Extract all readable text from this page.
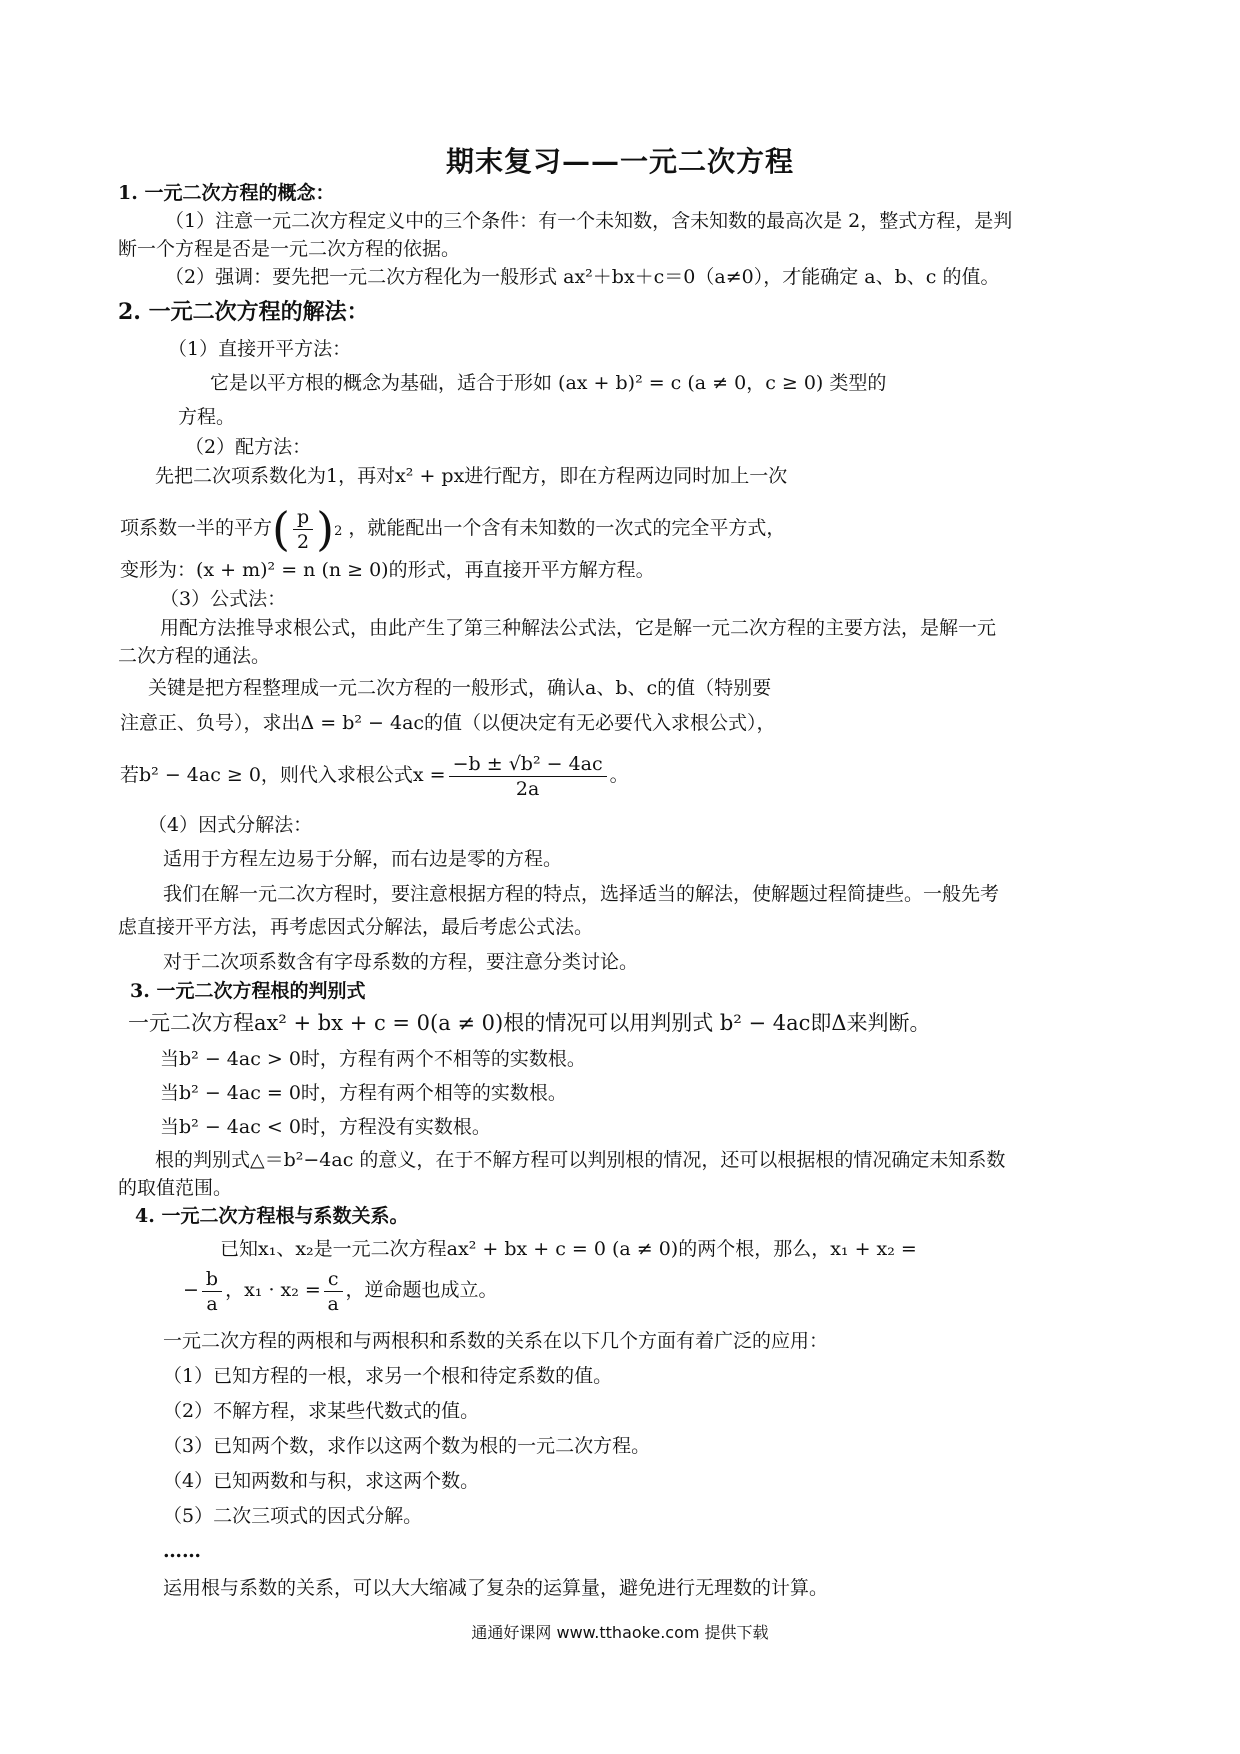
期末复习——一元二次方程
1. 一元二次方程的概念：
（1）注意一元二次方程定义中的三个条件：有一个未知数，含未知数的最高次是 2，整式方程，是判
断一个方程是否是一元二次方程的依据。
（2）强调：要先把一元二次方程化为一般形式 ax²＋bx＋c＝0（a≠0），才能确定 a、b、c 的值。
2. 一元二次方程的解法：
（1）直接开平方法：
它是以平方根的概念为基础，适合于形如 (ax + b)² = c (a ≠ 0，c ≥ 0) 类型的
方程。
（2）配方法：
先把二次项系数化为1，再对x² + px进行配方，即在方程两边同时加上一次
项系数一半的平方( $\frac{p}{2} )^2$ ，就能配出一个含有未知数的一次式的完全平方式，
变形为：(x + m)² = n (n ≥ 0)的形式，再直接开平方解方程。
（3）公式法：
用配方法推导求根公式，由此产生了第三种解法公式法，它是解一元二次方程的主要方法，是解一元
二次方程的通法。
关键是把方程整理成一元二次方程的一般形式，确认a、b、c的值（特别要
注意正、负号），求出Δ = b² − 4ac的值（以便决定有无必要代入求根公式），
若b² − 4ac ≥ 0，则代入求根公式$x = \frac{\text{−b ± √b² − 4ac}}{2a}$ 。
（4）因式分解法：
适用于方程左边易于分解，而右边是零的方程。
我们在解一元二次方程时，要注意根据方程的特点，选择适当的解法，使解题过程简捷些。一般先考
虑直接开平方法，再考虑因式分解法，最后考虑公式法。
对于二次项系数含有字母系数的方程，要注意分类讨论。
3. 一元二次方程根的判别式
一元二次方程ax² + bx + c = 0(a ≠ 0)根的情况可以用判别式 b² − 4ac即Δ来判断。
当b² − 4ac > 0时，方程有两个不相等的实数根。
当b² − 4ac = 0时，方程有两个相等的实数根。
当b² − 4ac < 0时，方程没有实数根。
根的判别式△＝b²−4ac 的意义，在于不解方程可以判别根的情况，还可以根据根的情况确定未知系数
的取值范围。
4. 一元二次方程根与系数关系。
已知x₁、x₂是一元二次方程ax² + bx + c = 0 (a ≠ 0)的两个根，那么，x₁ + x₂ =
− $\frac{b}{a}$ ，$x_1 \cdot x_2 = \frac{c}{a}$ ，逆命题也成立。
一元二次方程的两根和与两根积和系数的关系在以下几个方面有着广泛的应用：
（1）已知方程的一根，求另一个根和待定系数的值。
（2）不解方程，求某些代数式的值。
（3）已知两个数，求作以这两个数为根的一元二次方程。
（4）已知两数和与积，求这两个数。
（5）二次三项式的因式分解。
……
运用根与系数的关系，可以大大缩减了复杂的运算量，避免进行无理数的计算。
通通好课网 www.tthaoke.com 提供下载
